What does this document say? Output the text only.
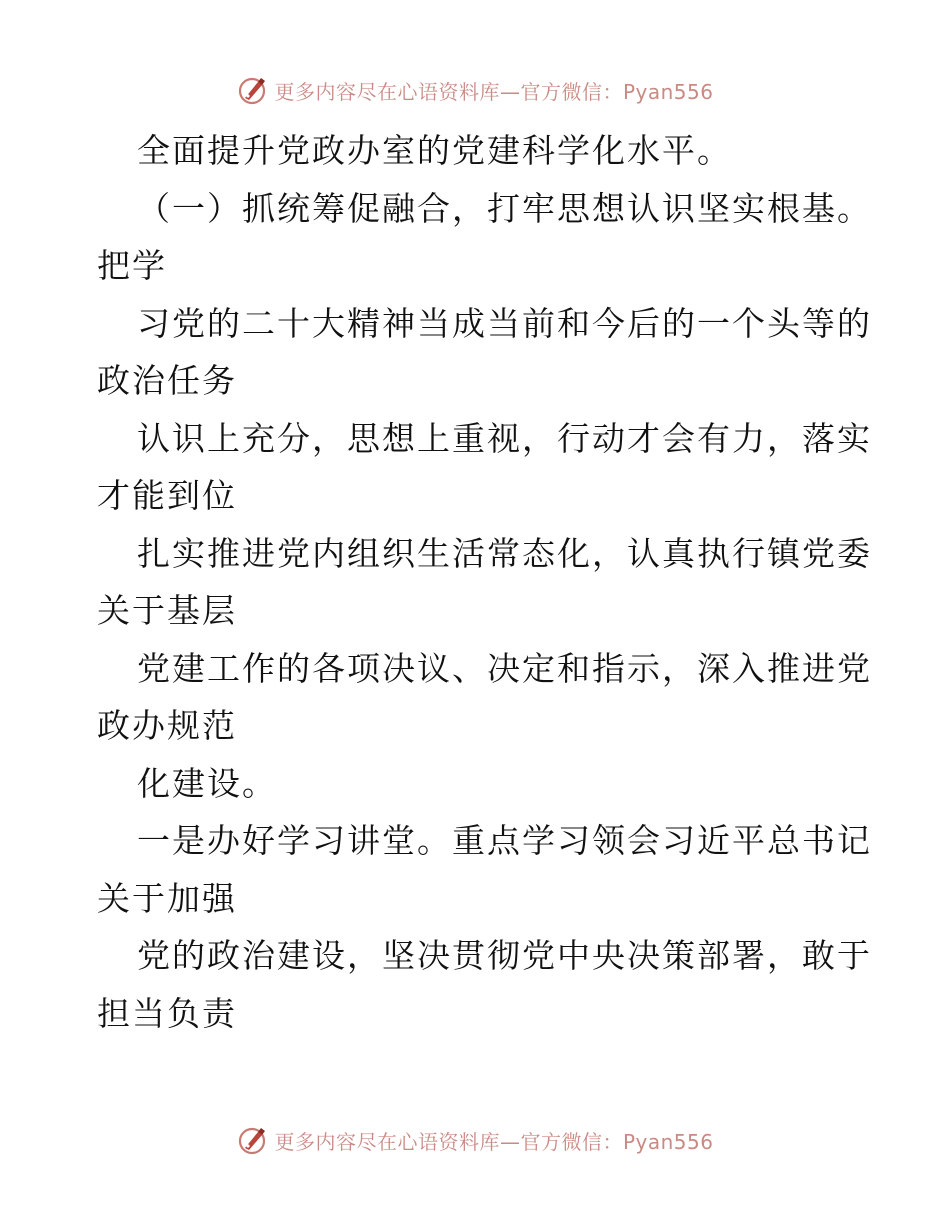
更多内容尽在心语资料库—官方微信：Pyan556
全面提升党政办室的党建科学化水平。
（一）抓统筹促融合，打牢思想认识坚实根基。
把学
习党的二十大精神当成当前和今后的一个头等的
政治任务
认识上充分，思想上重视，行动才会有力，落实
才能到位
扎实推进党内组织生活常态化，认真执行镇党委
关于基层
党建工作的各项决议、决定和指示，深入推进党
政办规范
化建设。
一是办好学习讲堂。重点学习领会习近平总书记
关于加强
党的政治建设，坚决贯彻党中央决策部署，敢于
担当负责
更多内容尽在心语资料库—官方微信：Pyan556
